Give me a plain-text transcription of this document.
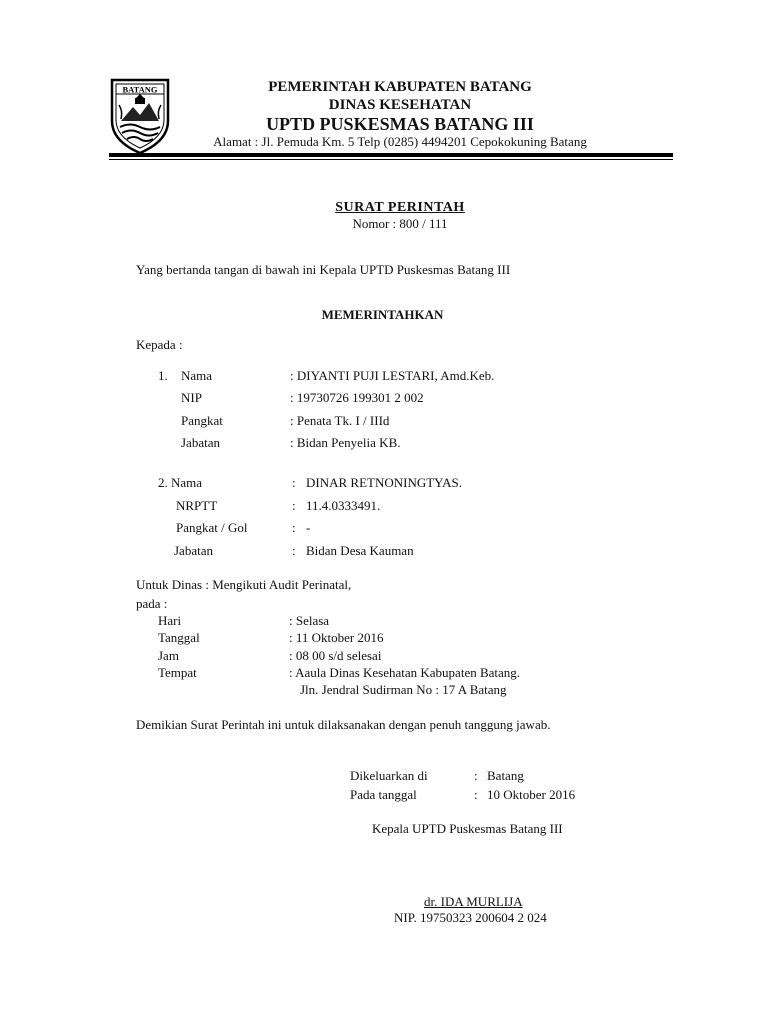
BATANG	PEMERINTAH KABUPATEN BATANG
DINAS KESEHATAN
UPTD PUSKESMAS BATANG III
Alamat : Jl. Pemuda Km. 5 Telp (0285) 4494201 Cepokokuning Batang
SURAT PERINTAH
Nomor : 800 / 111
Yang bertanda tangan di bawah ini Kepala UPTD Puskesmas Batang III
MEMERINTAHKAN
Kepada :
1. Nama	: DIYANTI PUJI LESTARI, Amd.Keb.
NIP	: 19730726 199301 2 002
Pangkat	: Penata Tk. I / IIId
Jabatan	: Bidan Penyelia KB.
2. Nama	: DINAR RETNONINGTYAS.
NRPTT	: 11.4.0333491.
Pangkat / Gol	: -
Jabatan	: Bidan Desa Kauman
Untuk Dinas : Mengikuti Audit Perinatal,
pada :
Hari	: Selasa
Tanggal	: 11 Oktober 2016
Jam	: 08 00 s/d selesai
Tempat	: Aaula Dinas Kesehatan Kabupaten Batang.
Jln. Jendral Sudirman No : 17 A Batang
Demikian Surat Perintah ini untuk dilaksanakan dengan penuh tanggung jawab.
Dikeluarkan di	: Batang
Pada tanggal	: 10 Oktober 2016
Kepala UPTD Puskesmas Batang III
dr. IDA MURLIJA
NIP. 19750323 200604 2 024
